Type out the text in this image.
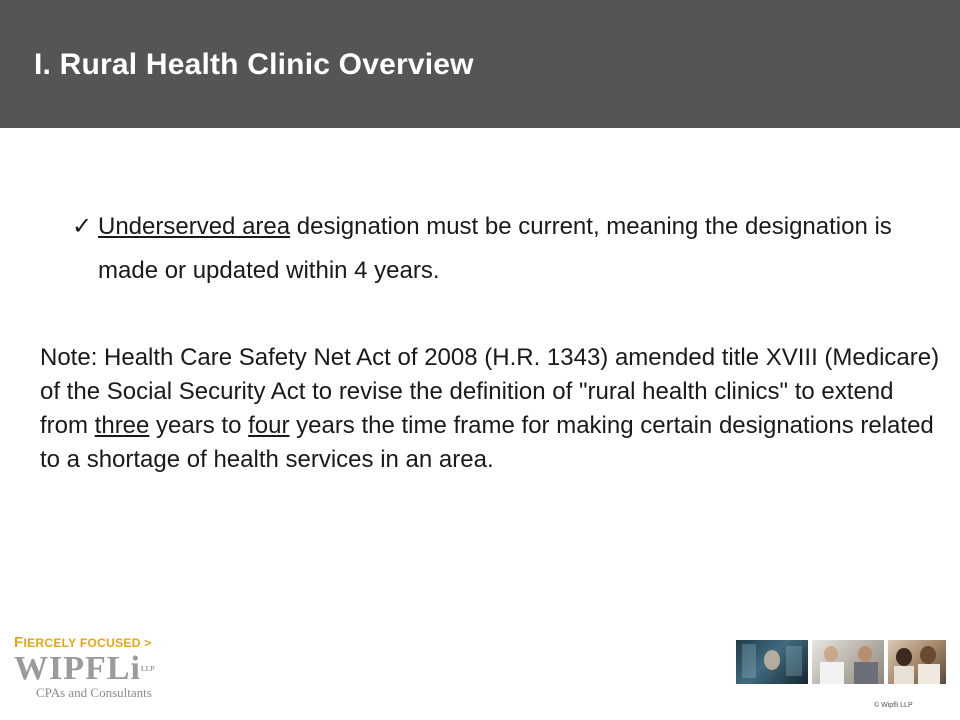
I. Rural Health Clinic Overview
✓ Underserved area designation must be current, meaning the designation is made or updated within 4 years.
Note: Health Care Safety Net Act of 2008 (H.R. 1343) amended title XVIII (Medicare) of the Social Security Act to revise the definition of "rural health clinics" to extend from three years to four years the time frame for making certain designations related to a shortage of health services in an area.
FIERCELY FOCUSED >
WIPFLi$^{LLP}$
CPAs and Consultants
© Wipfli LLP
